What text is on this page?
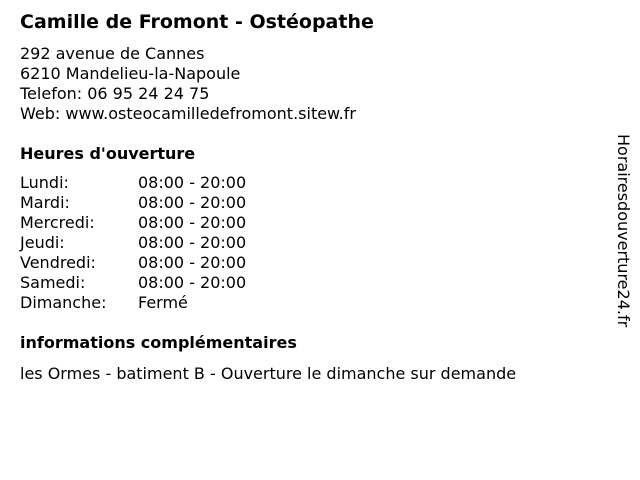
Camille de Fromont - Ostéopathe
292 avenue de Cannes
6210 Mandelieu-la-Napoule
Telefon: 06 95 24 24 75
Web: www.osteocamilledefromont.sitew.fr
Heures d'ouverture
Lundi:	08:00 - 20:00
Mardi:	08:00 - 20:00
Mercredi:	08:00 - 20:00
Jeudi:	08:00 - 20:00
Vendredi:	08:00 - 20:00
Samedi:	08:00 - 20:00
Dimanche:	Fermé
informations complémentaires
les Ormes - batiment B - Ouverture le dimanche sur demande
Horairesdouverture24.fr
